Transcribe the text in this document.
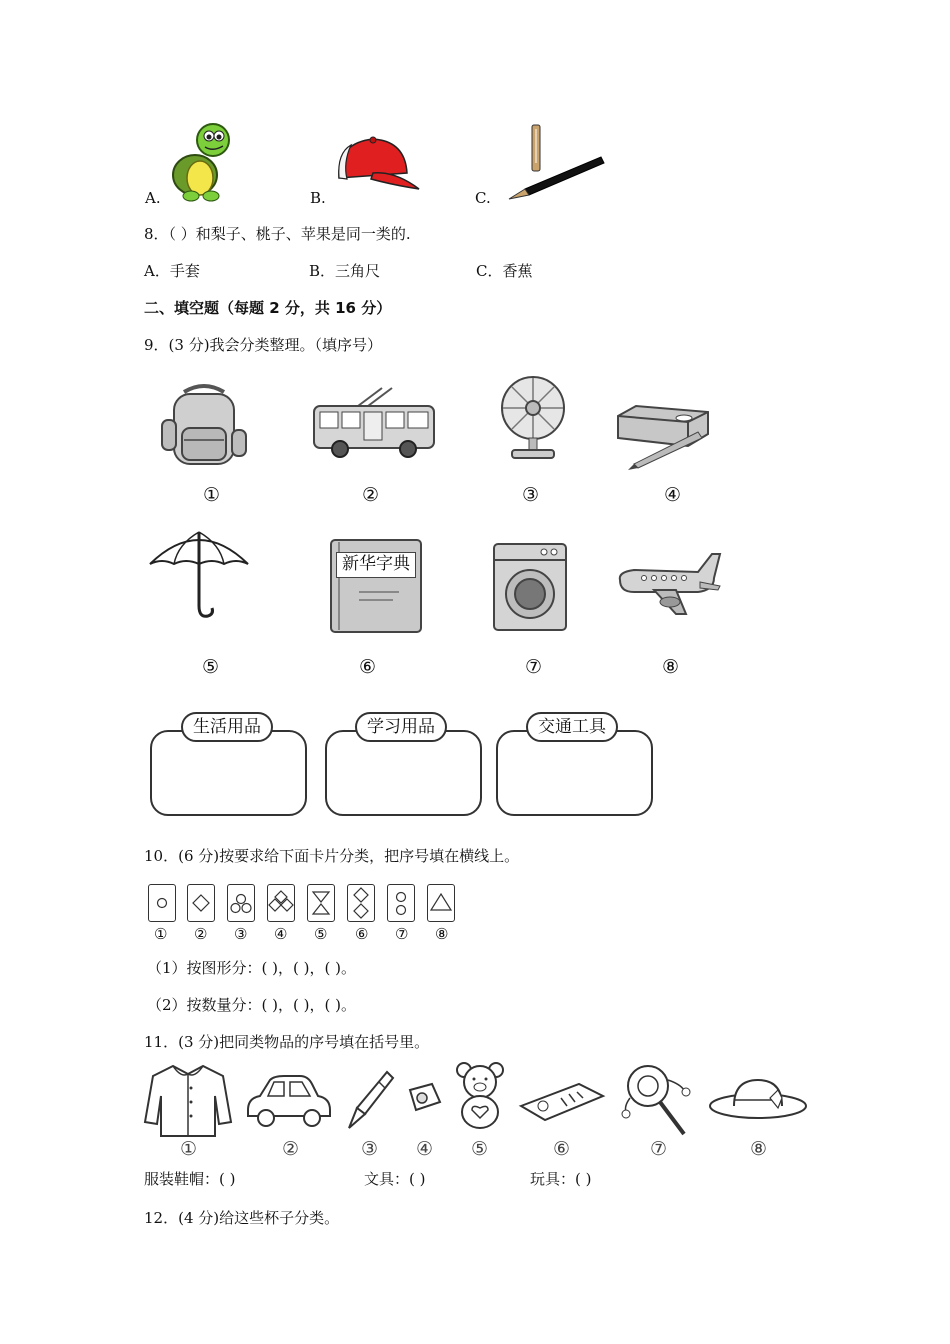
A.	B.	C.
8．（ ）和梨子、桃子、苹果是同一类的.
A．手套	B．三角尺	C．香蕉
二、填空题（每题 2 分，共 16 分）
9．(3 分)我会分类整理。（填序号）
①	②	③	④
⑤
新华字典
⑥	⑦	⑧
生活用品	学习用品	交通工具
10．(6 分)按要求给下面卡片分类，把序号填在横线上。
① ② ③ ④ ⑤ ⑥ ⑦ ⑧
（1）按图形分：( )，( )，( )。
（2）按数量分：( )，( )，( )。
11．(3 分)把同类物品的序号填在括号里。
①	②	③ ④ ⑤	⑥	⑦	⑧
服装鞋帽：( )	文具：( )	玩具：( )
12．(4 分)给这些杯子分类。
